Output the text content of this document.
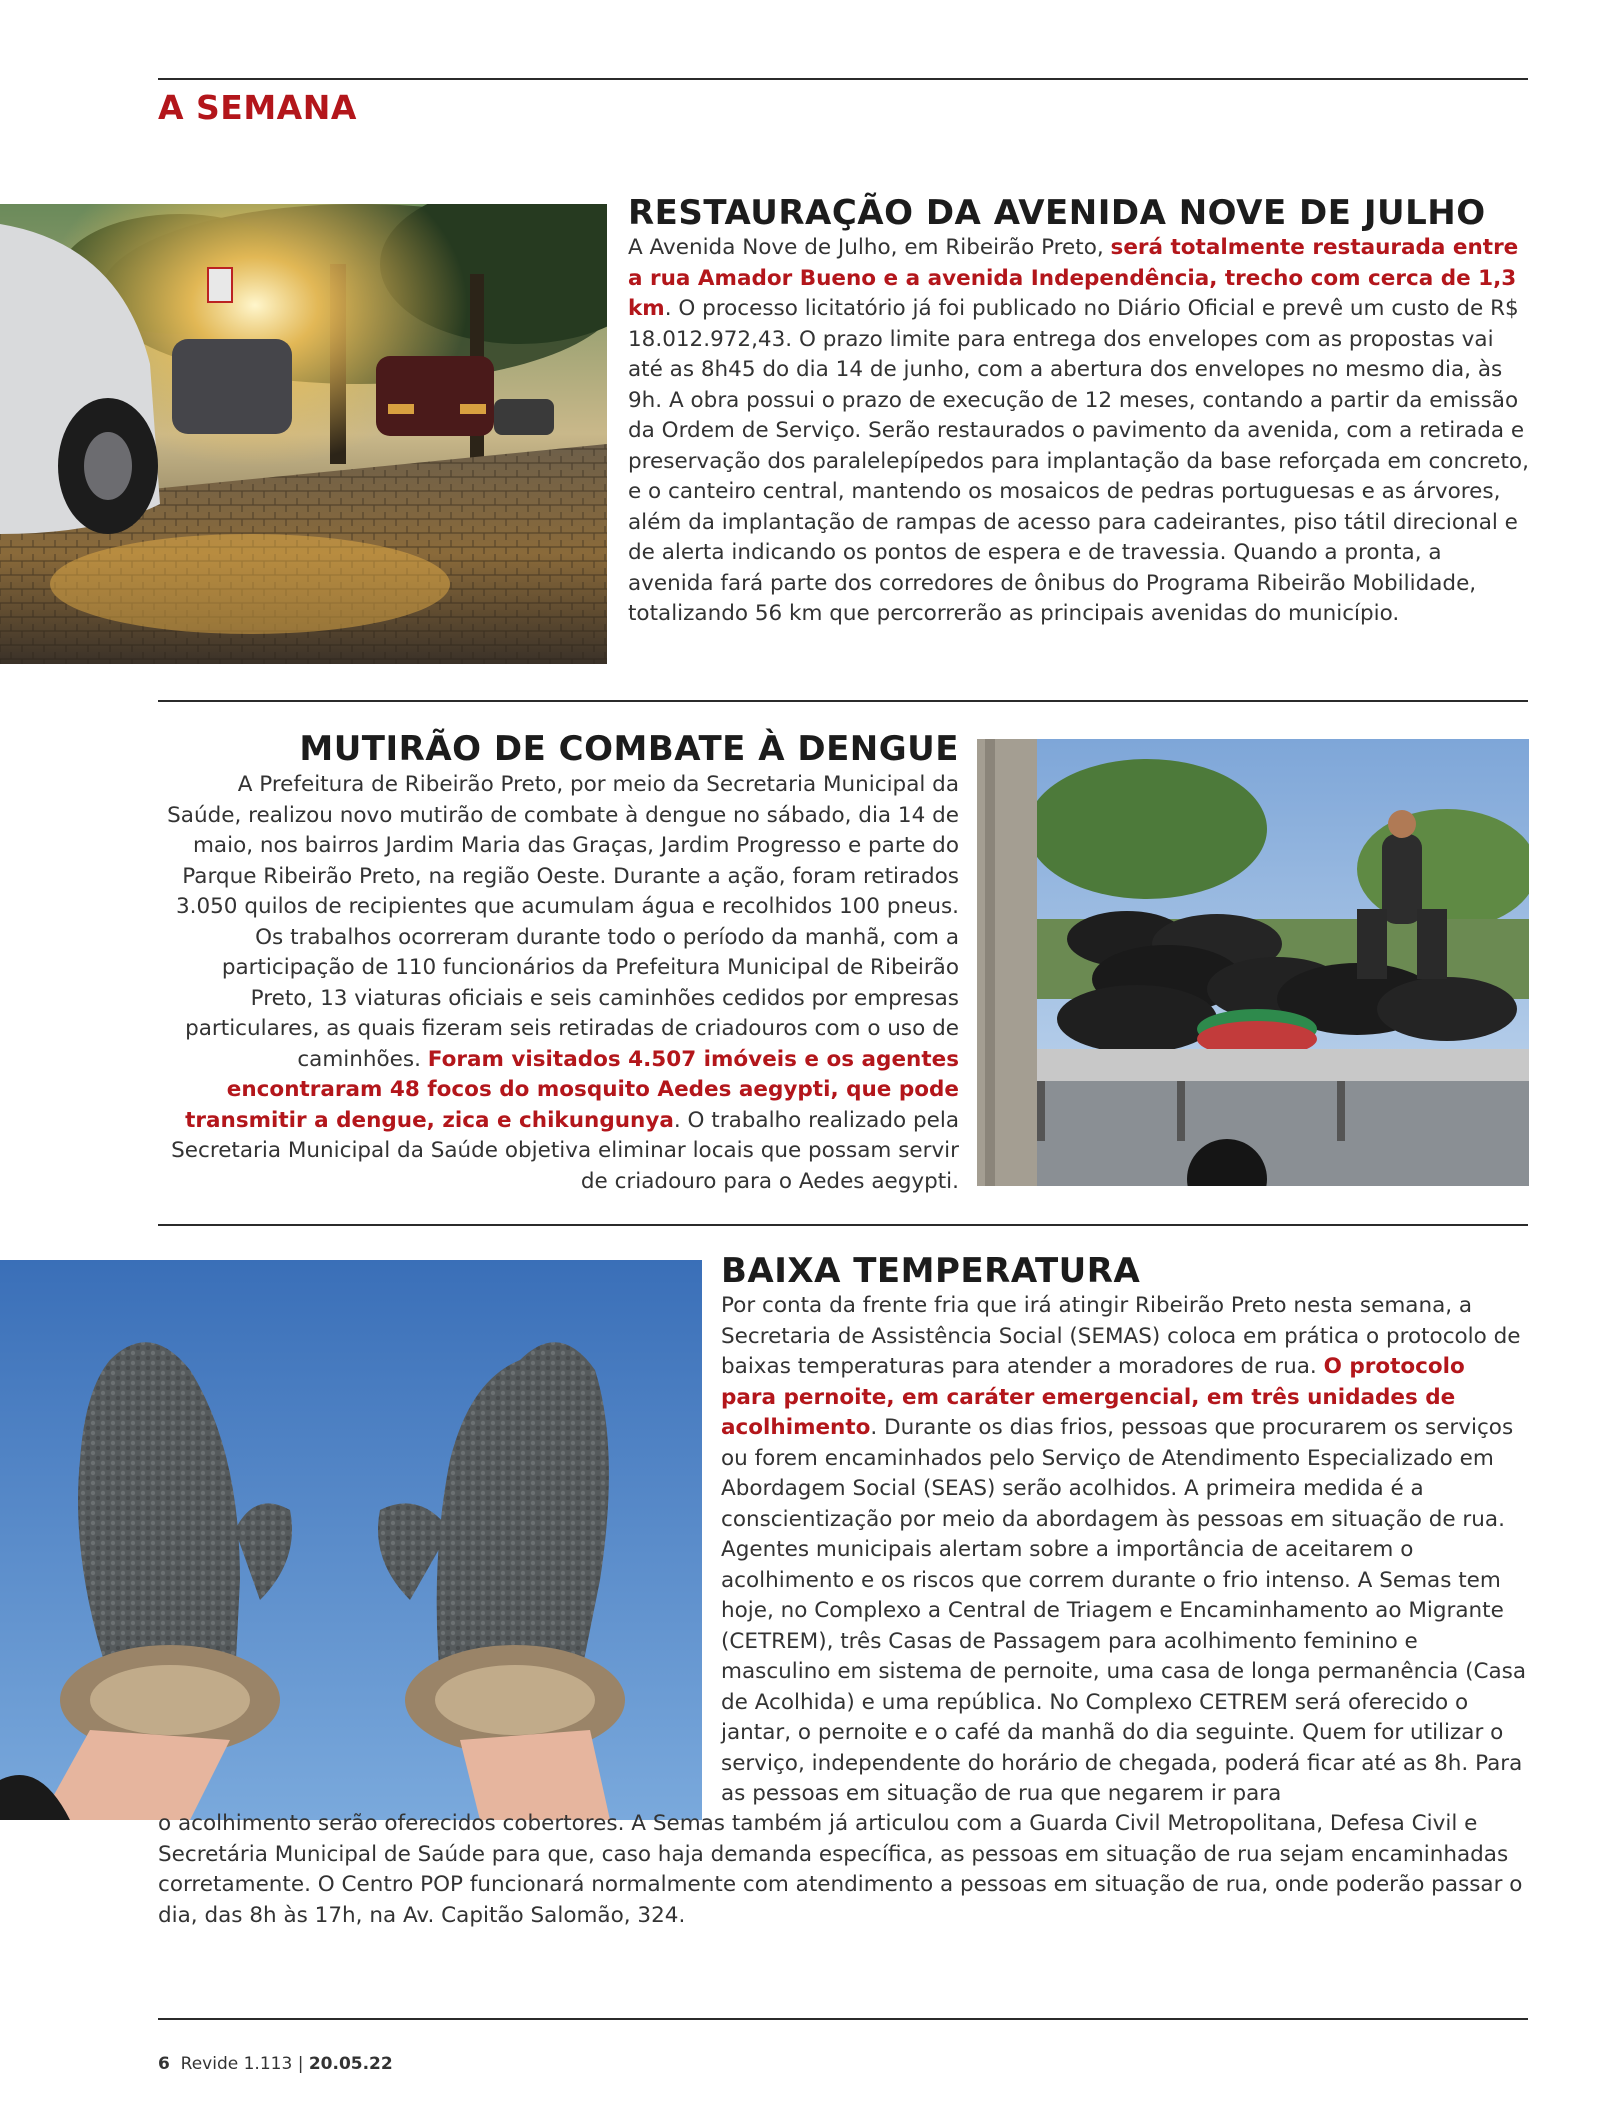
A SEMANA
RESTAURAÇÃO DA AVENIDA NOVE DE JULHO

A Avenida Nove de Julho, em Ribeirão Preto, será totalmente restaurada entre a rua Amador Bueno e a avenida Independência, trecho com cerca de 1,3 km. O processo licitatório já foi publicado no Diário Oficial e prevê um custo de R$ 18.012.972,43. O prazo limite para entrega dos envelopes com as propostas vai até as 8h45 do dia 14 de junho, com a abertura dos envelopes no mesmo dia, às 9h. A obra possui o prazo de execução de 12 meses, contando a partir da emissão da Ordem de Serviço. Serão restaurados o pavimento da avenida, com a retirada e preservação dos paralelepípedos para implantação da base reforçada em concreto, e o canteiro central, mantendo os mosaicos de pedras portuguesas e as árvores, além da implantação de rampas de acesso para cadeirantes, piso tátil direcional e de alerta indicando os pontos de espera e de travessia. Quando a pronta, a avenida fará parte dos corredores de ônibus do Programa Ribeirão Mobilidade, totalizando 56 km que percorrerão as principais avenidas do município.

MUTIRÃO DE COMBATE À DENGUE

A Prefeitura de Ribeirão Preto, por meio da Secretaria Municipal da Saúde, realizou novo mutirão de combate à dengue no sábado, dia 14 de maio, nos bairros Jardim Maria das Graças, Jardim Progresso e parte do Parque Ribeirão Preto, na região Oeste. Durante a ação, foram retirados 3.050 quilos de recipientes que acumulam água e recolhidos 100 pneus. Os trabalhos ocorreram durante todo o período da manhã, com a participação de 110 funcionários da Prefeitura Municipal de Ribeirão Preto, 13 viaturas oficiais e seis caminhões cedidos por empresas particulares, as quais fizeram seis retiradas de criadouros com o uso de caminhões. Foram visitados 4.507 imóveis e os agentes encontraram 48 focos do mosquito Aedes aegypti, que pode transmitir a dengue, zica e chikungunya. O trabalho realizado pela Secretaria Municipal da Saúde objetiva eliminar locais que possam servir de criadouro para o Aedes aegypti.

BAIXA TEMPERATURA

Por conta da frente fria que irá atingir Ribeirão Preto nesta semana, a Secretaria de Assistência Social (SEMAS) coloca em prática o protocolo de baixas temperaturas para atender a moradores de rua. O protocolo para pernoite, em caráter emergencial, em três unidades de acolhimento. Durante os dias frios, pessoas que procurarem os serviços ou forem encaminhados pelo Serviço de Atendimento Especializado em Abordagem Social (SEAS) serão acolhidos. A primeira medida é a conscientização por meio da abordagem às pessoas em situação de rua. Agentes municipais alertam sobre a importância de aceitarem o acolhimento e os riscos que correm durante o frio intenso. A Semas tem hoje, no Complexo a Central de Triagem e Encaminhamento ao Migrante (CETREM), três Casas de Passagem para acolhimento feminino e masculino em sistema de pernoite, uma casa de longa permanência (Casa de Acolhida) e uma república. No Complexo CETREM será oferecido o jantar, o pernoite e o café da manhã do dia seguinte. Quem for utilizar o serviço, independente do horário de chegada, poderá ficar até as 8h. Para as pessoas em situação de rua que negarem ir para

o acolhimento serão oferecidos cobertores. A Semas também já articulou com a Guarda Civil Metropolitana, Defesa Civil e Secretária Municipal de Saúde para que, caso haja demanda específica, as pessoas em situação de rua sejam encaminhadas corretamente. O Centro POP funcionará normalmente com atendimento a pessoas em situação de rua, onde poderão passar o dia, das 8h às 17h, na Av. Capitão Salomão, 324.

6 Revide 1.113 | 20.05.22
